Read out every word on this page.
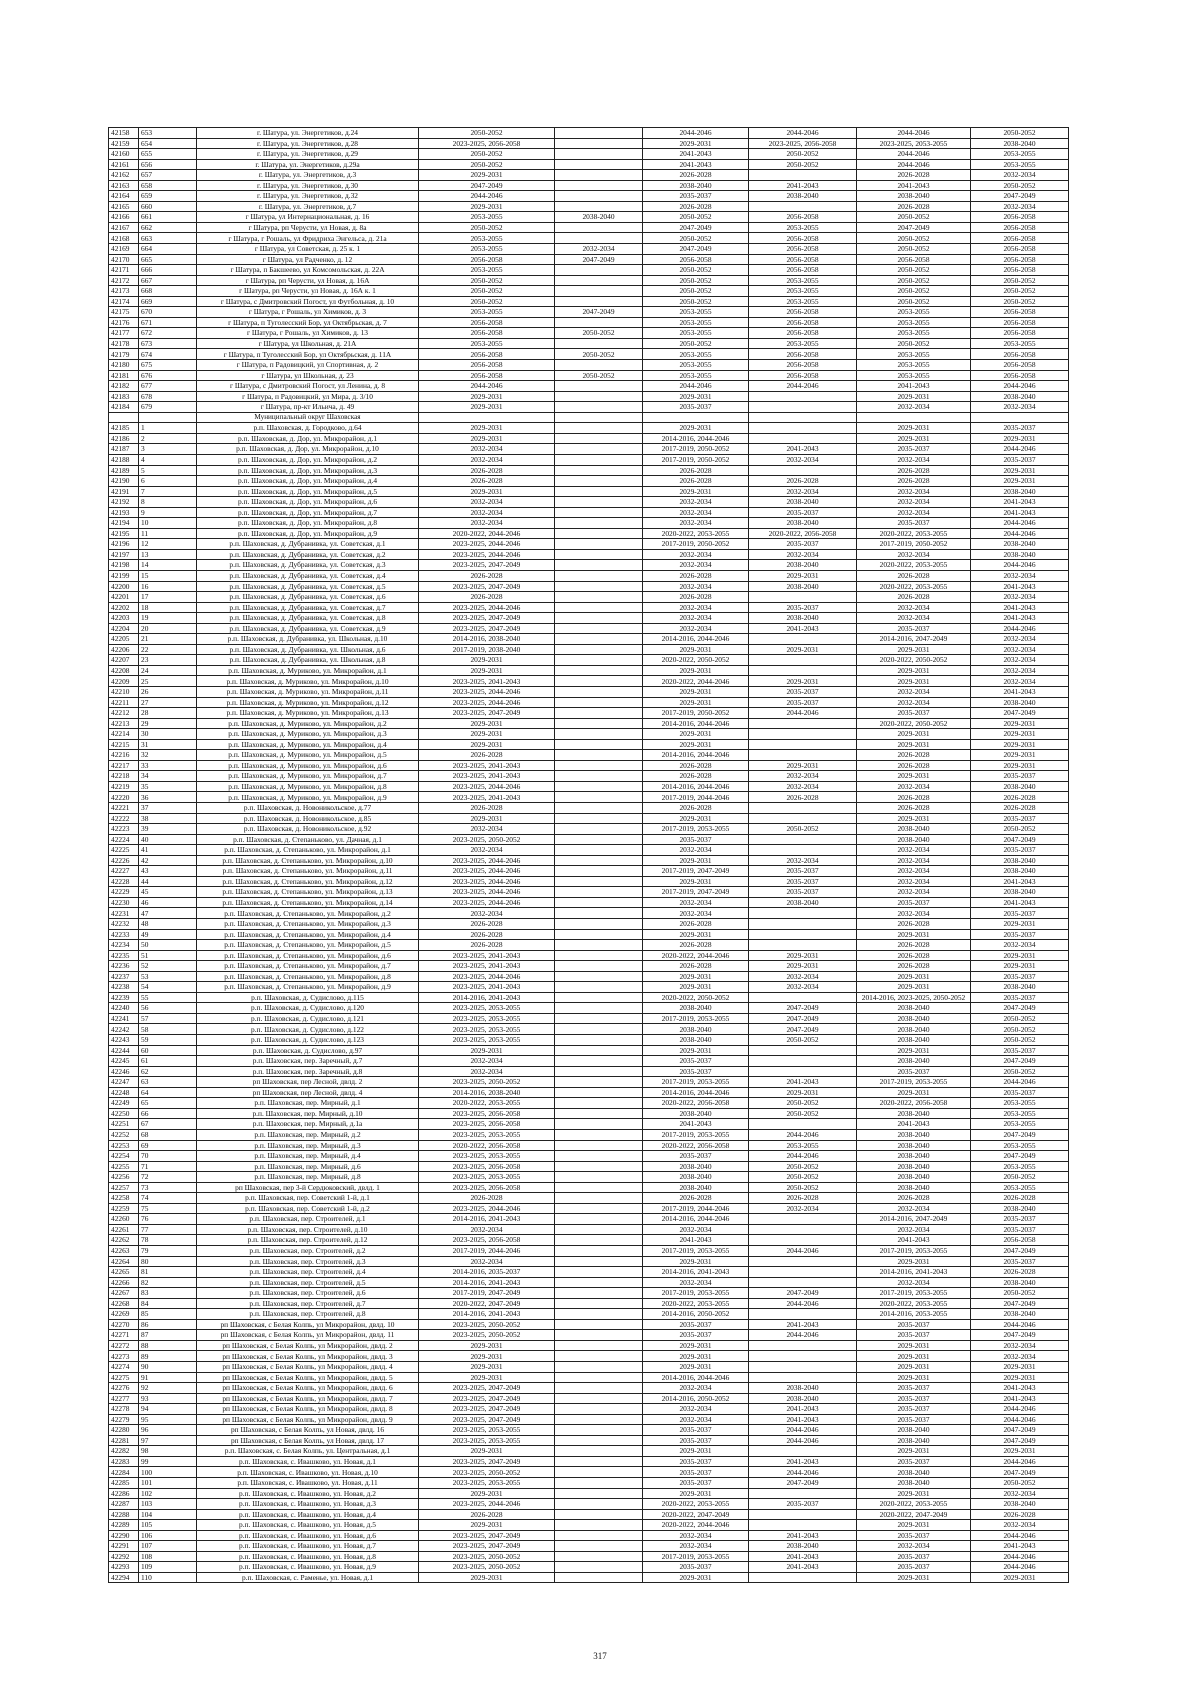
42158	653	г. Шатура, ул. Энергетиков, д.24	2050-2052		2044-2046	2044-2046	2044-2046	2050-2052
42159	654	г. Шатура, ул. Энергетиков, д.28	2023-2025, 2056-2058		2029-2031	2023-2025, 2056-2058	2023-2025, 2053-2055	2038-2040
42160	655	г. Шатура, ул. Энергетиков, д.29	2050-2052		2041-2043	2050-2052	2044-2046	2053-2055
42161	656	г. Шатура, ул. Энергетиков, д.29а	2050-2052		2041-2043	2050-2052	2044-2046	2053-2055
42162	657	г. Шатура, ул. Энергетиков, д.3	2029-2031		2026-2028		2026-2028	2032-2034
42163	658	г. Шатура, ул. Энергетиков, д.30	2047-2049		2038-2040	2041-2043	2041-2043	2050-2052
42164	659	г. Шатура, ул. Энергетиков, д.32	2044-2046		2035-2037	2038-2040	2038-2040	2047-2049
42165	660	г. Шатура, ул. Энергетиков, д.7	2029-2031		2026-2028		2026-2028	2032-2034
42166	661	г Шатура, ул Интернациональная, д. 16	2053-2055	2038-2040	2050-2052	2056-2058	2050-2052	2056-2058
42167	662	г Шатура, рп Черусти, ул Новая, д. 8а	2050-2052		2047-2049	2053-2055	2047-2049	2056-2058
42168	663	г Шатура, г Рошаль, ул Фридриха Энгельса, д. 21а	2053-2055		2050-2052	2056-2058	2050-2052	2056-2058
42169	664	г Шатура, ул Советская, д. 25 к. 1	2053-2055	2032-2034	2047-2049	2056-2058	2050-2052	2056-2058
42170	665	г Шатура, ул Радченко, д. 12	2056-2058	2047-2049	2056-2058	2056-2058	2056-2058	2056-2058
42171	666	г Шатура, п Бакшеево, ул Комсомольская, д. 22А	2053-2055		2050-2052	2056-2058	2050-2052	2056-2058
42172	667	г Шатура, рп Черусти, ул Новая, д. 16А	2050-2052		2050-2052	2053-2055	2050-2052	2050-2052
42173	668	г Шатура, рп Черусти, ул Новая, д. 16А к. 1	2050-2052		2050-2052	2053-2055	2050-2052	2050-2052
42174	669	г Шатура, с Дмитровский Погост, ул Футбольная, д. 10	2050-2052		2050-2052	2053-2055	2050-2052	2050-2052
42175	670	г Шатура, г Рошаль, ул Химиков, д. 3	2053-2055	2047-2049	2053-2055	2056-2058	2053-2055	2056-2058
42176	671	г Шатура, п Туголесский Бор, ул Октябрьская, д. 7	2056-2058		2053-2055	2056-2058	2053-2055	2056-2058
42177	672	г Шатура, г Рошаль, ул Химиков, д. 13	2056-2058	2050-2052	2053-2055	2056-2058	2053-2055	2056-2058
42178	673	г Шатура, ул Школьная, д. 21А	2053-2055		2050-2052	2053-2055	2050-2052	2053-2055
42179	674	г Шатура, п Туголесский Бор, ул Октябрьская, д. 11А	2056-2058	2050-2052	2053-2055	2056-2058	2053-2055	2056-2058
42180	675	г Шатура, п Радовицкий, ул Спортивная, д. 2	2056-2058		2053-2055	2056-2058	2053-2055	2056-2058
42181	676	г Шатура, ул Школьная, д. 23	2056-2058	2050-2052	2053-2055	2056-2058	2053-2055	2056-2058
42182	677	г Шатура, с Дмитровский Погост, ул Ленина, д. 8	2044-2046		2044-2046	2044-2046	2041-2043	2044-2046
42183	678	г Шатура, п Радовицкий, ул Мира, д. 3/10	2029-2031		2029-2031		2029-2031	2038-2040
42184	679	г Шатура, пр-кт Ильича, д. 49	2029-2031		2035-2037		2032-2034	2032-2034
		Муниципальный округ Шаховская						
42185	1	р.п. Шаховская, д. Городково, д.64	2029-2031		2029-2031		2029-2031	2035-2037
42186	2	р.п. Шаховская, д. Дор, ул. Микрорайон, д.1	2029-2031		2014-2016, 2044-2046		2029-2031	2029-2031
42187	3	р.п. Шаховская, д. Дор, ул. Микрорайон, д.10	2032-2034		2017-2019, 2050-2052	2041-2043	2035-2037	2044-2046
42188	4	р.п. Шаховская, д. Дор, ул. Микрорайон, д.2	2032-2034		2017-2019, 2050-2052	2032-2034	2032-2034	2035-2037
42189	5	р.п. Шаховская, д. Дор, ул. Микрорайон, д.3	2026-2028		2026-2028		2026-2028	2029-2031
42190	6	р.п. Шаховская, д. Дор, ул. Микрорайон, д.4	2026-2028		2026-2028	2026-2028	2026-2028	2029-2031
42191	7	р.п. Шаховская, д. Дор, ул. Микрорайон, д.5	2029-2031		2029-2031	2032-2034	2032-2034	2038-2040
42192	8	р.п. Шаховская, д. Дор, ул. Микрорайон, д.6	2032-2034		2032-2034	2038-2040	2032-2034	2041-2043
42193	9	р.п. Шаховская, д. Дор, ул. Микрорайон, д.7	2032-2034		2032-2034	2035-2037	2032-2034	2041-2043
42194	10	р.п. Шаховская, д. Дор, ул. Микрорайон, д.8	2032-2034		2032-2034	2038-2040	2035-2037	2044-2046
42195	11	р.п. Шаховская, д. Дор, ул. Микрорайон, д.9	2020-2022, 2044-2046		2020-2022, 2053-2055	2020-2022, 2056-2058	2020-2022, 2053-2055	2044-2046
42196	12	р.п. Шаховская, д. Дубранивка, ул. Советская, д.1	2023-2025, 2044-2046		2017-2019, 2050-2052	2035-2037	2017-2019, 2050-2052	2038-2040
42197	13	р.п. Шаховская, д. Дубранивка, ул. Советская, д.2	2023-2025, 2044-2046		2032-2034	2032-2034	2032-2034	2038-2040
42198	14	р.п. Шаховская, д. Дубранивка, ул. Советская, д.3	2023-2025, 2047-2049		2032-2034	2038-2040	2020-2022, 2053-2055	2044-2046
42199	15	р.п. Шаховская, д. Дубранивка, ул. Советская, д.4	2026-2028		2026-2028	2029-2031	2026-2028	2032-2034
42200	16	р.п. Шаховская, д. Дубранивка, ул. Советская, д.5	2023-2025, 2047-2049		2032-2034	2038-2040	2020-2022, 2053-2055	2041-2043
42201	17	р.п. Шаховская, д. Дубранивка, ул. Советская, д.6	2026-2028		2026-2028		2026-2028	2032-2034
42202	18	р.п. Шаховская, д. Дубранивка, ул. Советская, д.7	2023-2025, 2044-2046		2032-2034	2035-2037	2032-2034	2041-2043
42203	19	р.п. Шаховская, д. Дубранивка, ул. Советская, д.8	2023-2025, 2047-2049		2032-2034	2038-2040	2032-2034	2041-2043
42204	20	р.п. Шаховская, д. Дубранивка, ул. Советская, д.9	2023-2025, 2047-2049		2032-2034	2041-2043	2035-2037	2044-2046
42205	21	р.п. Шаховская, д. Дубранивка, ул. Школьная, д.10	2014-2016, 2038-2040		2014-2016, 2044-2046		2014-2016, 2047-2049	2032-2034
42206	22	р.п. Шаховская, д. Дубранивка, ул. Школьная, д.6	2017-2019, 2038-2040		2029-2031	2029-2031	2029-2031	2032-2034
42207	23	р.п. Шаховская, д. Дубранивка, ул. Школьная, д.8	2029-2031		2020-2022, 2050-2052		2020-2022, 2050-2052	2032-2034
42208	24	р.п. Шаховская, д. Муриково, ул. Микрорайон, д.1	2029-2031		2029-2031		2029-2031	2032-2034
42209	25	р.п. Шаховская, д. Муриково, ул. Микрорайон, д.10	2023-2025, 2041-2043		2020-2022, 2044-2046	2029-2031	2029-2031	2032-2034
42210	26	р.п. Шаховская, д. Муриково, ул. Микрорайон, д.11	2023-2025, 2044-2046		2029-2031	2035-2037	2032-2034	2041-2043
42211	27	р.п. Шаховская, д. Муриково, ул. Микрорайон, д.12	2023-2025, 2044-2046		2029-2031	2035-2037	2032-2034	2038-2040
42212	28	р.п. Шаховская, д. Муриково, ул. Микрорайон, д.13	2023-2025, 2047-2049		2017-2019, 2050-2052	2044-2046	2035-2037	2047-2049
42213	29	р.п. Шаховская, д. Муриково, ул. Микрорайон, д.2	2029-2031		2014-2016, 2044-2046		2020-2022, 2050-2052	2029-2031
42214	30	р.п. Шаховская, д. Муриково, ул. Микрорайон, д.3	2029-2031		2029-2031		2029-2031	2029-2031
42215	31	р.п. Шаховская, д. Муриково, ул. Микрорайон, д.4	2029-2031		2029-2031		2029-2031	2029-2031
42216	32	р.п. Шаховская, д. Муриково, ул. Микрорайон, д.5	2026-2028		2014-2016, 2044-2046		2026-2028	2029-2031
42217	33	р.п. Шаховская, д. Муриково, ул. Микрорайон, д.6	2023-2025, 2041-2043		2026-2028	2029-2031	2026-2028	2029-2031
42218	34	р.п. Шаховская, д. Муриково, ул. Микрорайон, д.7	2023-2025, 2041-2043		2026-2028	2032-2034	2029-2031	2035-2037
42219	35	р.п. Шаховская, д. Муриково, ул. Микрорайон, д.8	2023-2025, 2044-2046		2014-2016, 2044-2046	2032-2034	2032-2034	2038-2040
42220	36	р.п. Шаховская, д. Муриково, ул. Микрорайон, д.9	2023-2025, 2041-2043		2017-2019, 2044-2046	2026-2028	2026-2028	2026-2028
42221	37	р.п. Шаховская, д. Новоникольское, д.77	2026-2028		2026-2028		2026-2028	2026-2028
42222	38	р.п. Шаховская, д. Новоникольское, д.85	2029-2031		2029-2031		2029-2031	2035-2037
42223	39	р.п. Шаховская, д. Новоникольское, д.92	2032-2034		2017-2019, 2053-2055	2050-2052	2038-2040	2050-2052
42224	40	р.п. Шаховская, д. Степаньково, ул. Дачная, д.1	2023-2025, 2050-2052		2035-2037		2038-2040	2047-2049
42225	41	р.п. Шаховская, д. Степаньково, ул. Микрорайон, д.1	2032-2034		2032-2034		2032-2034	2035-2037
42226	42	р.п. Шаховская, д. Степаньково, ул. Микрорайон, д.10	2023-2025, 2044-2046		2029-2031	2032-2034	2032-2034	2038-2040
42227	43	р.п. Шаховская, д. Степаньково, ул. Микрорайон, д.11	2023-2025, 2044-2046		2017-2019, 2047-2049	2035-2037	2032-2034	2038-2040
42228	44	р.п. Шаховская, д. Степаньково, ул. Микрорайон, д.12	2023-2025, 2044-2046		2029-2031	2035-2037	2032-2034	2041-2043
42229	45	р.п. Шаховская, д. Степаньково, ул. Микрорайон, д.13	2023-2025, 2044-2046		2017-2019, 2047-2049	2035-2037	2032-2034	2038-2040
42230	46	р.п. Шаховская, д. Степаньково, ул. Микрорайон, д.14	2023-2025, 2044-2046		2032-2034	2038-2040	2035-2037	2041-2043
42231	47	р.п. Шаховская, д. Степаньково, ул. Микрорайон, д.2	2032-2034		2032-2034		2032-2034	2035-2037
42232	48	р.п. Шаховская, д. Степаньково, ул. Микрорайон, д.3	2026-2028		2026-2028		2026-2028	2029-2031
42233	49	р.п. Шаховская, д. Степаньково, ул. Микрорайон, д.4	2026-2028		2029-2031		2029-2031	2035-2037
42234	50	р.п. Шаховская, д. Степаньково, ул. Микрорайон, д.5	2026-2028		2026-2028		2026-2028	2032-2034
42235	51	р.п. Шаховская, д. Степаньково, ул. Микрорайон, д.6	2023-2025, 2041-2043		2020-2022, 2044-2046	2029-2031	2026-2028	2029-2031
42236	52	р.п. Шаховская, д. Степаньково, ул. Микрорайон, д.7	2023-2025, 2041-2043		2026-2028	2029-2031	2026-2028	2029-2031
42237	53	р.п. Шаховская, д. Степаньково, ул. Микрорайон, д.8	2023-2025, 2044-2046		2029-2031	2032-2034	2029-2031	2035-2037
42238	54	р.п. Шаховская, д. Степаньково, ул. Микрорайон, д.9	2023-2025, 2041-2043		2029-2031	2032-2034	2029-2031	2038-2040
42239	55	р.п. Шаховская, д. Судислово, д.115	2014-2016, 2041-2043		2020-2022, 2050-2052		2014-2016, 2023-2025, 2050-2052	2035-2037
42240	56	р.п. Шаховская, д. Судислово, д.120	2023-2025, 2053-2055		2038-2040	2047-2049	2038-2040	2047-2049
42241	57	р.п. Шаховская, д. Судислово, д.121	2023-2025, 2053-2055		2017-2019, 2053-2055	2047-2049	2038-2040	2050-2052
42242	58	р.п. Шаховская, д. Судислово, д.122	2023-2025, 2053-2055		2038-2040	2047-2049	2038-2040	2050-2052
42243	59	р.п. Шаховская, д. Судислово, д.123	2023-2025, 2053-2055		2038-2040	2050-2052	2038-2040	2050-2052
42244	60	р.п. Шаховская, д. Судислово, д.97	2029-2031		2029-2031		2029-2031	2035-2037
42245	61	р.п. Шаховская, пер. Заречный, д.7	2032-2034		2035-2037		2038-2040	2047-2049
42246	62	р.п. Шаховская, пер. Заречный, д.8	2032-2034		2035-2037		2035-2037	2050-2052
42247	63	рп Шаховская, пер Лесной, двлд. 2	2023-2025, 2050-2052		2017-2019, 2053-2055	2041-2043	2017-2019, 2053-2055	2044-2046
42248	64	рп Шаховская, пер Лесной, двлд. 4	2014-2016, 2038-2040		2014-2016, 2044-2046	2029-2031	2029-2031	2035-2037
42249	65	р.п. Шаховская, пер. Мирный, д.1	2020-2022, 2053-2055		2020-2022, 2056-2058	2050-2052	2020-2022, 2056-2058	2053-2055
42250	66	р.п. Шаховская, пер. Мирный, д.10	2023-2025, 2056-2058		2038-2040	2050-2052	2038-2040	2053-2055
42251	67	р.п. Шаховская, пер. Мирный, д.1а	2023-2025, 2056-2058		2041-2043		2041-2043	2053-2055
42252	68	р.п. Шаховская, пер. Мирный, д.2	2023-2025, 2053-2055		2017-2019, 2053-2055	2044-2046	2038-2040	2047-2049
42253	69	р.п. Шаховская, пер. Мирный, д.3	2020-2022, 2056-2058		2020-2022, 2056-2058	2053-2055	2038-2040	2053-2055
42254	70	р.п. Шаховская, пер. Мирный, д.4	2023-2025, 2053-2055		2035-2037	2044-2046	2038-2040	2047-2049
42255	71	р.п. Шаховская, пер. Мирный, д.6	2023-2025, 2056-2058		2038-2040	2050-2052	2038-2040	2053-2055
42256	72	р.п. Шаховская, пер. Мирный, д.8	2023-2025, 2053-2055		2038-2040	2050-2052	2038-2040	2050-2052
42257	73	рп Шаховская, пер 3-й Сердюковский, двлд. 1	2023-2025, 2056-2058		2038-2040	2050-2052	2038-2040	2053-2055
42258	74	р.п. Шаховская, пер. Советский 1-й, д.1	2026-2028		2026-2028	2026-2028	2026-2028	2026-2028
42259	75	р.п. Шаховская, пер. Советский 1-й, д.2	2023-2025, 2044-2046		2017-2019, 2044-2046	2032-2034	2032-2034	2038-2040
42260	76	р.п. Шаховская, пер. Строителей, д.1	2014-2016, 2041-2043		2014-2016, 2044-2046		2014-2016, 2047-2049	2035-2037
42261	77	р.п. Шаховская, пер. Строителей, д.10	2032-2034		2032-2034		2032-2034	2035-2037
42262	78	р.п. Шаховская, пер. Строителей, д.12	2023-2025, 2056-2058		2041-2043		2041-2043	2056-2058
42263	79	р.п. Шаховская, пер. Строителей, д.2	2017-2019, 2044-2046		2017-2019, 2053-2055	2044-2046	2017-2019, 2053-2055	2047-2049
42264	80	р.п. Шаховская, пер. Строителей, д.3	2032-2034		2029-2031		2029-2031	2035-2037
42265	81	р.п. Шаховская, пер. Строителей, д.4	2014-2016, 2035-2037		2014-2016, 2041-2043		2014-2016, 2041-2043	2026-2028
42266	82	р.п. Шаховская, пер. Строителей, д.5	2014-2016, 2041-2043		2032-2034		2032-2034	2038-2040
42267	83	р.п. Шаховская, пер. Строителей, д.6	2017-2019, 2047-2049		2017-2019, 2053-2055	2047-2049	2017-2019, 2053-2055	2050-2052
42268	84	р.п. Шаховская, пер. Строителей, д.7	2020-2022, 2047-2049		2020-2022, 2053-2055	2044-2046	2020-2022, 2053-2055	2047-2049
42269	85	р.п. Шаховская, пер. Строителей, д.8	2014-2016, 2041-2043		2014-2016, 2050-2052		2014-2016, 2053-2055	2038-2040
42270	86	рп Шаховская, с Белая Колпь, ул Микрорайон, двлд. 10	2023-2025, 2050-2052		2035-2037	2041-2043	2035-2037	2044-2046
42271	87	рп Шаховская, с Белая Колпь, ул Микрорайон, двлд. 11	2023-2025, 2050-2052		2035-2037	2044-2046	2035-2037	2047-2049
42272	88	рп Шаховская, с Белая Колпь, ул Микрорайон, двлд. 2	2029-2031		2029-2031		2029-2031	2032-2034
42273	89	рп Шаховская, с Белая Колпь, ул Микрорайон, двлд. 3	2029-2031		2029-2031		2029-2031	2032-2034
42274	90	рп Шаховская, с Белая Колпь, ул Микрорайон, двлд. 4	2029-2031		2029-2031		2029-2031	2029-2031
42275	91	рп Шаховская, с Белая Колпь, ул Микрорайон, двлд. 5	2029-2031		2014-2016, 2044-2046		2029-2031	2029-2031
42276	92	рп Шаховская, с Белая Колпь, ул Микрорайон, двлд. 6	2023-2025, 2047-2049		2032-2034	2038-2040	2035-2037	2041-2043
42277	93	рп Шаховская, с Белая Колпь, ул Микрорайон, двлд. 7	2023-2025, 2047-2049		2014-2016, 2050-2052	2038-2040	2035-2037	2041-2043
42278	94	рп Шаховская, с Белая Колпь, ул Микрорайон, двлд. 8	2023-2025, 2047-2049		2032-2034	2041-2043	2035-2037	2044-2046
42279	95	рп Шаховская, с Белая Колпь, ул Микрорайон, двлд. 9	2023-2025, 2047-2049		2032-2034	2041-2043	2035-2037	2044-2046
42280	96	рп Шаховская, с Белая Колпь, ул Новая, двлд. 16	2023-2025, 2053-2055		2035-2037	2044-2046	2038-2040	2047-2049
42281	97	рп Шаховская, с Белая Колпь, ул Новая, двлд. 17	2023-2025, 2053-2055		2035-2037	2044-2046	2038-2040	2047-2049
42282	98	р.п. Шаховская, с. Белая Колпь, ул. Центральная, д.1	2029-2031		2029-2031		2029-2031	2029-2031
42283	99	р.п. Шаховская, с. Ивашково, ул. Новая, д.1	2023-2025, 2047-2049		2035-2037	2041-2043	2035-2037	2044-2046
42284	100	р.п. Шаховская, с. Ивашково, ул. Новая, д.10	2023-2025, 2050-2052		2035-2037	2044-2046	2038-2040	2047-2049
42285	101	р.п. Шаховская, с. Ивашково, ул. Новая, д.11	2023-2025, 2053-2055		2035-2037	2047-2049	2038-2040	2050-2052
42286	102	р.п. Шаховская, с. Ивашково, ул. Новая, д.2	2029-2031		2029-2031		2029-2031	2032-2034
42287	103	р.п. Шаховская, с. Ивашково, ул. Новая, д.3	2023-2025, 2044-2046		2020-2022, 2053-2055	2035-2037	2020-2022, 2053-2055	2038-2040
42288	104	р.п. Шаховская, с. Ивашково, ул. Новая, д.4	2026-2028		2020-2022, 2047-2049		2020-2022, 2047-2049	2026-2028
42289	105	р.п. Шаховская, с. Ивашково, ул. Новая, д.5	2029-2031		2020-2022, 2044-2046		2029-2031	2032-2034
42290	106	р.п. Шаховская, с. Ивашково, ул. Новая, д.6	2023-2025, 2047-2049		2032-2034	2041-2043	2035-2037	2044-2046
42291	107	р.п. Шаховская, с. Ивашково, ул. Новая, д.7	2023-2025, 2047-2049		2032-2034	2038-2040	2032-2034	2041-2043
42292	108	р.п. Шаховская, с. Ивашково, ул. Новая, д.8	2023-2025, 2050-2052		2017-2019, 2053-2055	2041-2043	2035-2037	2044-2046
42293	109	р.п. Шаховская, с. Ивашково, ул. Новая, д.9	2023-2025, 2050-2052		2035-2037	2041-2043	2035-2037	2044-2046
42294	110	р.п. Шаховская, с. Раменье, ул. Новая, д.1	2029-2031		2029-2031		2029-2031	2029-2031
317
